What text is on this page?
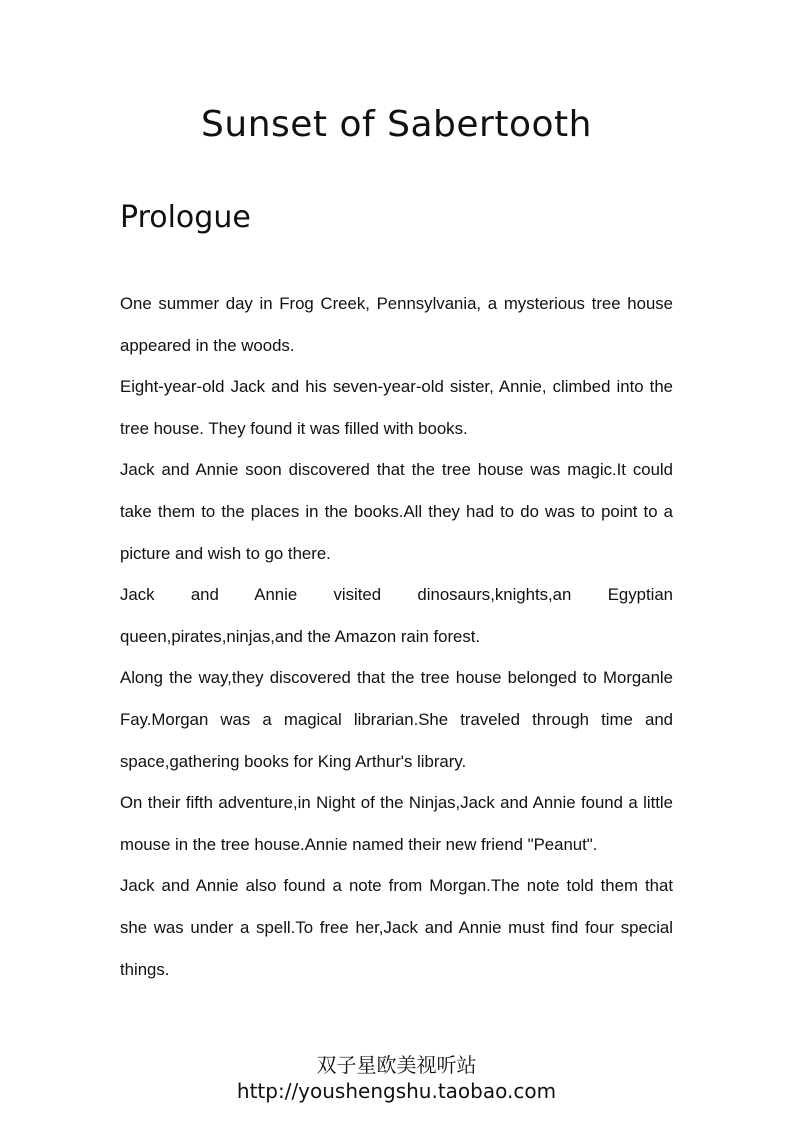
Sunset of Sabertooth
Prologue

One summer day in Frog Creek, Pennsylvania, a mysterious tree house appeared in the woods.

Eight-year-old Jack and his seven-year-old sister, Annie, climbed into the tree house. They found it was filled with books.

Jack and Annie soon discovered that the tree house was magic.It could take them to the places in the books.All they had to do was to point to a picture and wish to go there.

Jack and Annie visited dinosaurs,knights,an Egyptian queen,pirates,ninjas,and the Amazon rain forest.

Along the way,they discovered that the tree house belonged to Morganle Fay.Morgan was a magical librarian.She traveled through time and space,gathering books for King Arthur's library.

On their fifth adventure,in Night of the Ninjas,Jack and Annie found a little mouse in the tree house.Annie named their new friend "Peanut".

Jack and Annie also found a note from Morgan.The note told them that she was under a spell.To free her,Jack and Annie must find four special things.

双子星欧美视听站
http://youshengshu.taobao.com
